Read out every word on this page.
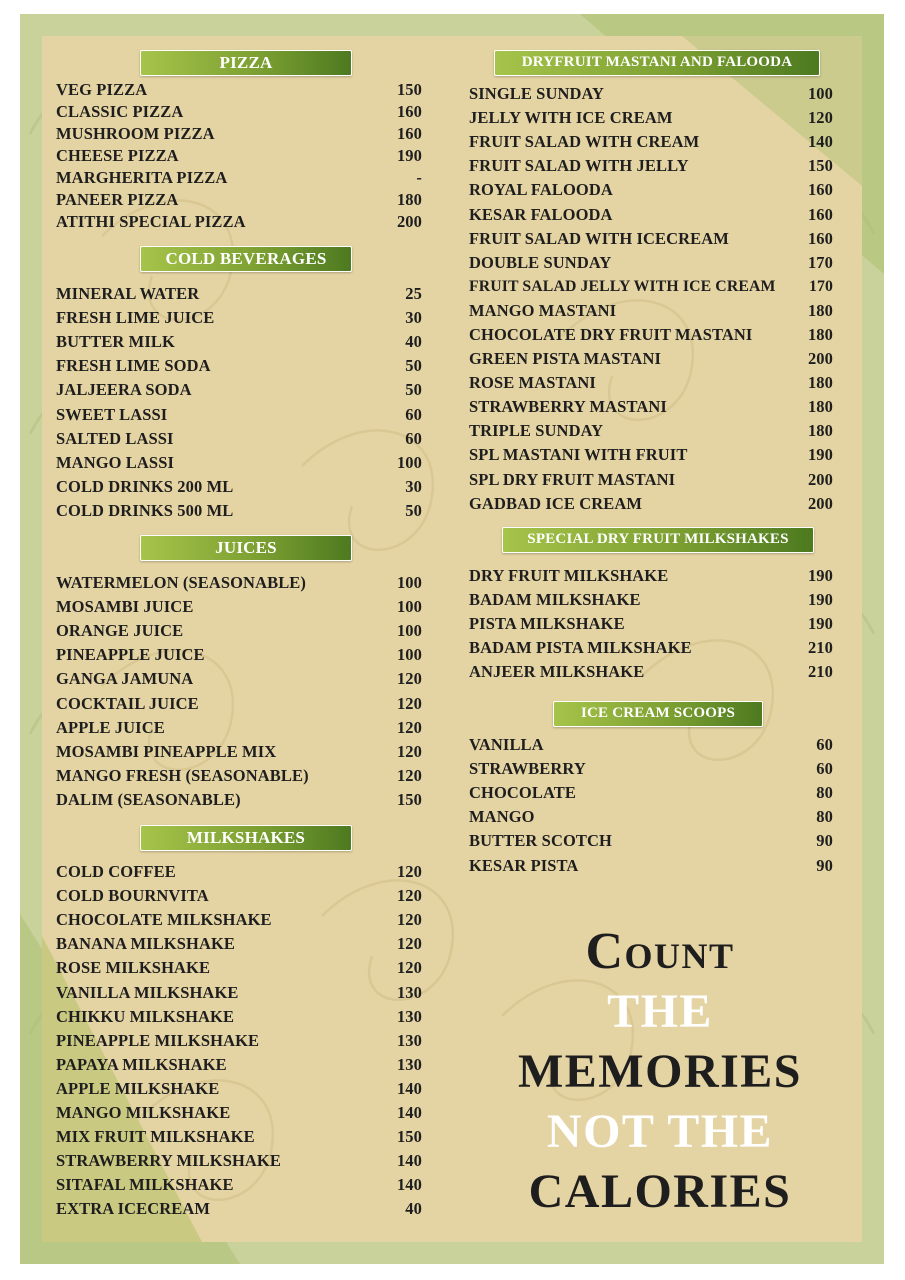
PIZZA
VEG PIZZA	150
CLASSIC PIZZA	160
MUSHROOM PIZZA	160
CHEESE PIZZA	190
MARGHERITA PIZZA	-
PANEER PIZZA	180
ATITHI SPECIAL PIZZA	200
COLD BEVERAGES
MINERAL WATER	25
FRESH LIME JUICE	30
BUTTER MILK	40
FRESH LIME SODA	50
JALJEERA SODA	50
SWEET LASSI	60
SALTED LASSI	60
MANGO LASSI	100
COLD DRINKS 200 ML	30
COLD DRINKS 500 ML	50
JUICES
WATERMELON (SEASONABLE)	100
MOSAMBI JUICE	100
ORANGE JUICE	100
PINEAPPLE JUICE	100
GANGA JAMUNA	120
COCKTAIL JUICE	120
APPLE JUICE	120
MOSAMBI PINEAPPLE MIX	120
MANGO FRESH (SEASONABLE)	120
DALIM (SEASONABLE)	150
MILKSHAKES
COLD COFFEE	120
COLD BOURNVITA	120
CHOCOLATE MILKSHAKE	120
BANANA MILKSHAKE	120
ROSE MILKSHAKE	120
VANILLA MILKSHAKE	130
CHIKKU MILKSHAKE	130
PINEAPPLE MILKSHAKE	130
PAPAYA MILKSHAKE	130
APPLE MILKSHAKE	140
MANGO MILKSHAKE	140
MIX FRUIT MILKSHAKE	150
STRAWBERRY MILKSHAKE	140
SITAFAL MILKSHAKE	140
EXTRA ICECREAM	40
DRYFRUIT MASTANI AND FALOODA
SINGLE SUNDAY	100
JELLY WITH ICE CREAM	120
FRUIT SALAD WITH CREAM	140
FRUIT SALAD WITH JELLY	150
ROYAL FALOODA	160
KESAR FALOODA	160
FRUIT SALAD WITH ICECREAM	160
DOUBLE SUNDAY	170
FRUIT SALAD JELLY WITH ICE CREAM 170
MANGO MASTANI	180
CHOCOLATE DRY FRUIT MASTANI	180
GREEN PISTA MASTANI	200
ROSE MASTANI	180
STRAWBERRY MASTANI	180
TRIPLE SUNDAY	180
SPL MASTANI WITH FRUIT	190
SPL DRY FRUIT MASTANI	200
GADBAD ICE CREAM	200
SPECIAL DRY FRUIT MILKSHAKES
DRY FRUIT MILKSHAKE	190
BADAM MILKSHAKE	190
PISTA MILKSHAKE	190
BADAM PISTA MILKSHAKE	210
ANJEER MILKSHAKE	210
ICE CREAM SCOOPS
VANILLA	60
STRAWBERRY	60
CHOCOLATE	80
MANGO	80
BUTTER SCOTCH	90
KESAR PISTA	90
Count
THE
MEMORIES
NOT THE
CALORIES
